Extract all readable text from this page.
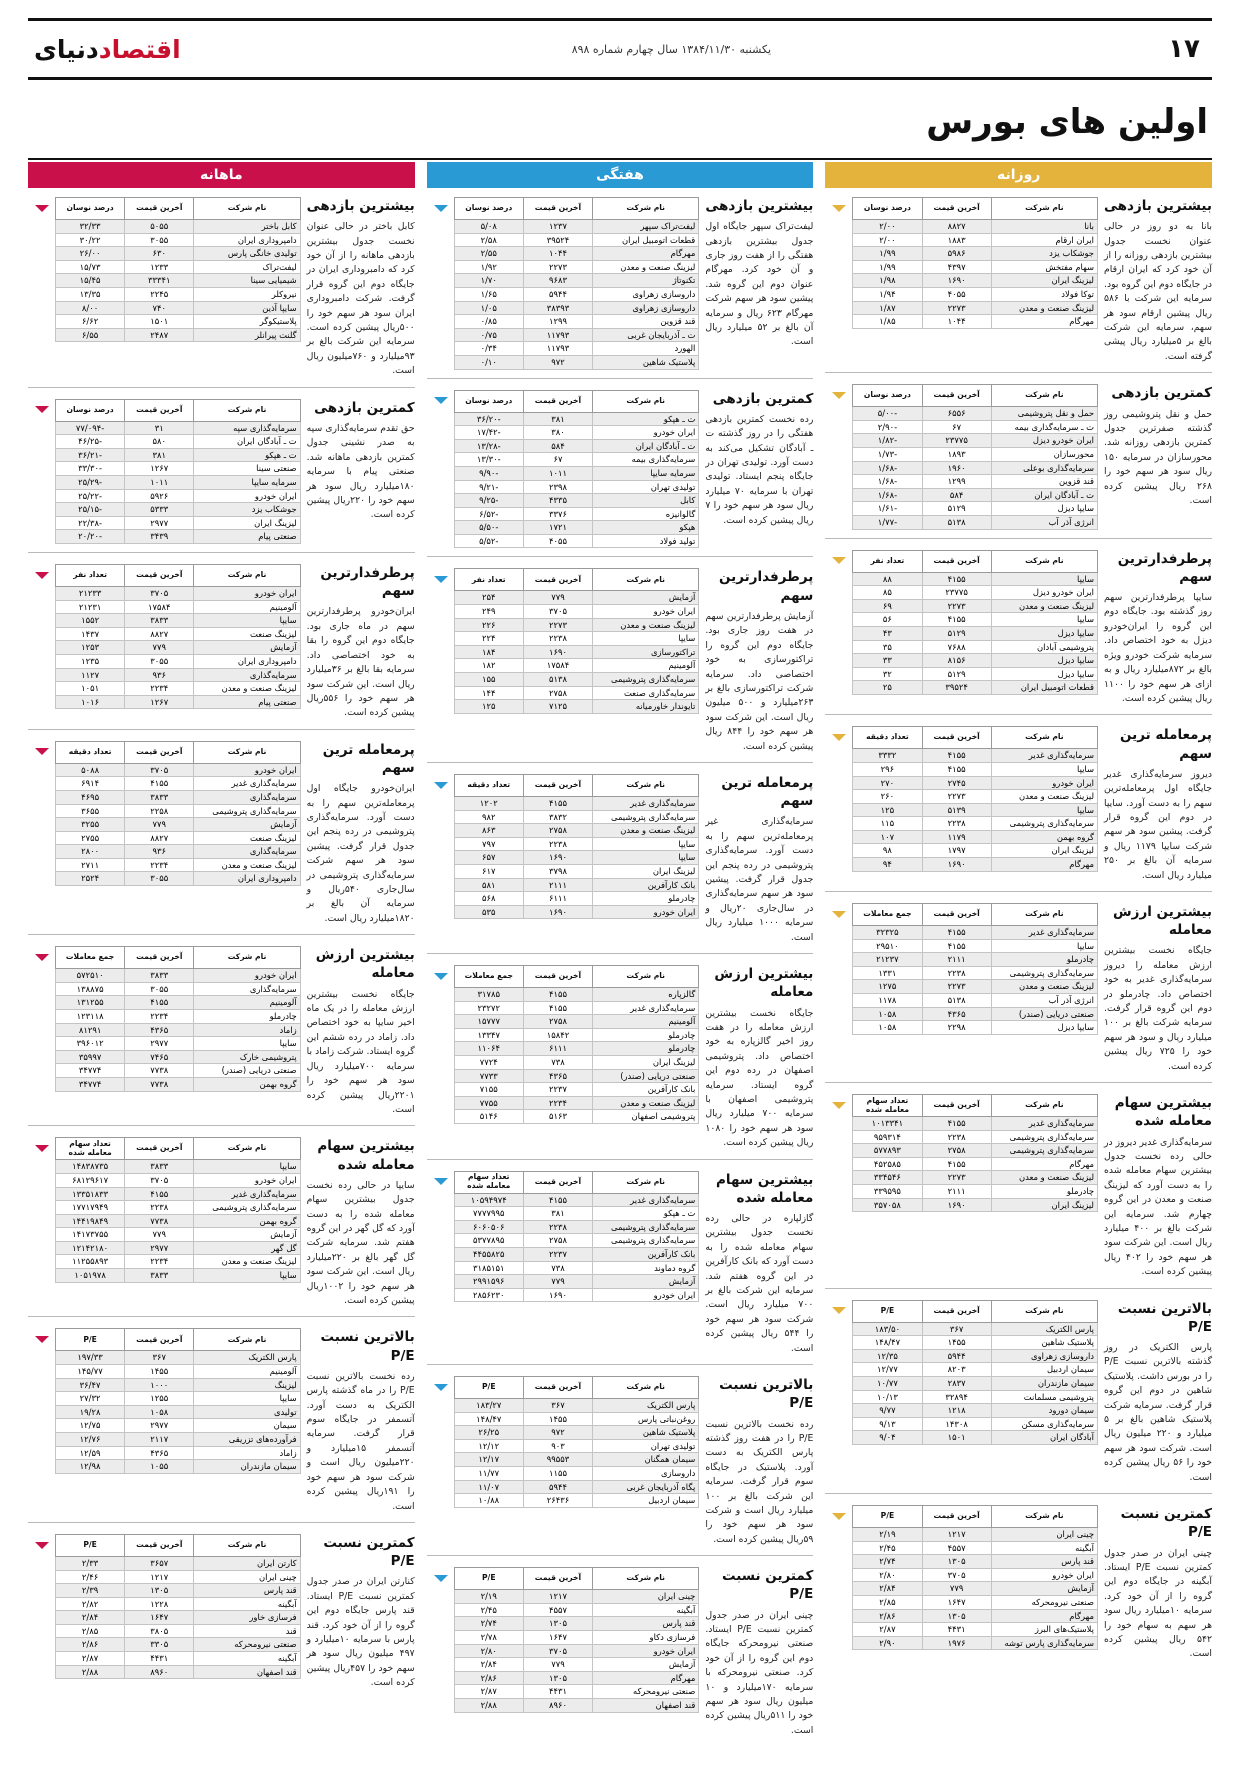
۱۷
یکشنبه ۱۳۸۴/۱۱/۳۰ سال چهارم شماره ۸۹۸
اقتصاددنیای
اولین های بورس
روزانه
بیشترین بازدهی
بانا به دو روز در حالی عنوان نخست جدول بیشترین بازدهی روزانه را از آن خود کرد که ایران ارقام در جایگاه دوم این گروه بود. سرمایه این شرکت با ۵۸۶ ریال پیشین ارقام سود هر سهم، سرمایه این شرکت بالغ بر ۵میلیارد ریال پیشی گرفته است.
نام شرکت	آخرین قیمت	درصد نوسان	
بانا	۸۸۲۷	۲/۰۰	
ایران ارقام	۱۸۸۳	۲/۰۰	
جوشکاب یزد	۵۹۸۶	۱/۹۹	
سهام مفتخش	۴۳۹۷	۱/۹۹	
لیزینگ ایران	۱۶۹۰	۱/۹۸	
توکا فولاد	۴۰۵۵	۱/۹۴	
لیزینگ صنعت و معدن	۲۲۷۳	۱/۸۷	
مهرگام	۱۰۴۴	۱/۸۵	
کمترین بازدهی
حمل و نقل پتروشیمی روز گذشته صفرترین جدول کمترین بازدهی روزانه شد. محورسازان در سرمایه ۱۵۰ ریال سود هر سهم خود را ۲۶۸ ریال پیشین کرده است.
نام شرکت	آخرین قیمت	درصد نوسان	
حمل و نقل پتروشیمی	۶۵۵۶	۵/۰۰-	
ت ـ سرمایه‌گذاری بیمه	۶۷	۲/۹۰-	
ایران خودرو دیزل	۲۳۷۷۵	۱/۸۲-	
محورسازان	۱۸۹۳	۱/۷۳-	
سرمایه‌گذاری بوعلی	۱۹۶۰	۱/۶۸-	
قند قزوین	۱۲۹۹	۱/۶۸-	
ت ـ آبادگان ایران	۵۸۴	۱/۶۸-	
سایپا دیزل	۵۱۲۹	۱/۶۱-	
انرژی آذر آب	۵۱۳۸	۱/۷۷-	
پرطرفدارترین سهم
سایپا پرطرفدارترین سهم روز گذشته بود. جایگاه دوم این گروه را ایران‌خودرو دیزل به خود اختصاص داد. سرمایه شرکت خودرو ویژه بالغ بر ۸۷۲میلیارد ریال و به ازای هر سهم خود را ۱۱۰۰ ریال پیشین کرده است.
نام شرکت	آخرین قیمت	تعداد نفر	
سایپا	۴۱۵۵	۸۸	
ایران خودرو دیزل	۲۳۷۷۵	۸۵	
لیزینگ صنعت و معدن	۲۲۷۳	۶۹	
سایپا	۴۱۵۵	۵۶	
سایپا دیزل	۵۱۲۹	۴۳	
پتروشیمی آبادان	۷۶۸۸	۳۵	
سایپا دیزل	۸۱۵۶	۳۳	
سایپا دیزل	۵۱۲۹	۳۲	
قطعات اتومبیل ایران	۳۹۵۲۴	۲۵	
پرمعامله ترین سهم
دیروز سرمایه‌گذاری غدیر جایگاه اول پرمعامله‌ترین سهم را به دست آورد. سایپا در دوم این گروه قرار گرفت. پیشین سود هر سهم شرکت سایپا ۱۱۷۹ ریال و سرمایه آن بالغ بر ۲۵۰ میلیارد ریال است.
نام شرکت	آخرین قیمت	تعداد دقیقه	
سرمایه‌گذاری غدیر	۴۱۵۵	۳۳۳۲	
سایپا	۴۱۵۵	۲۹۶	
ایران خودرو	۲۷۴۵	۲۷۰	
لیزینگ صنعت و معدن	۲۲۷۳	۲۶۰	
سایپا	۵۱۳۹	۱۲۵	
سرمایه‌گذاری پتروشیمی	۲۲۳۸	۱۱۵	
گروه بهمن	۱۱۷۹	۱۰۷	
لیزینگ ایران	۱۷۹۷	۹۸	
مهرگام	۱۶۹۰	۹۴	
بیشترین ارزش معامله
جایگاه نخست بیشترین ارزش معامله را دیروز سرمایه‌گذاری غدیر به خود اختصاص داد. چادرملو در دوم این گروه قرار گرفت. سرمایه شرکت بالغ بر ۱۰۰ میلیارد ریال و سود هر سهم خود را ۷۲۵ ریال پیشین کرده است.
نام شرکت	آخرین قیمت	جمع معاملات	
سرمایه‌گذاری غدیر	۴۱۵۵	۳۲۳۲۵	
سایپا	۴۱۵۵	۲۹۵۱۰	
چادرملو	۲۱۱۱	۲۱۲۳۷	
سرمایه‌گذاری پتروشیمی	۲۲۳۸	۱۳۳۱	
لیزینگ صنعت و معدن	۲۲۷۳	۱۲۷۵	
انرژی آذر آب	۵۱۳۸	۱۱۷۸	
صنعتی دریایی (صندر)	۴۳۶۵	۱۰۵۸	
سایپا دیزل	۲۲۹۸	۱۰۵۸	
بیشترین سهام معامله شده
سرمایه‌گذاری غدیر دیروز در حالی رده نخست جدول بیشترین سهام معامله شده را به دست آورد که لیزینگ صنعت و معدن در این گروه چهارم شد. سرمایه این شرکت بالغ بر ۴۰۰ میلیارد ریال است. این شرکت سود هر سهم خود را ۴۰۲ ریال پیشین کرده است.
نام شرکت	آخرین قیمت	تعداد سهام معامله شده	
سرمایه‌گذاری غدیر	۴۱۵۵	۱۰۱۳۳۴۱	
سرمایه‌گذاری پتروشیمی	۲۲۳۸	۹۵۹۳۱۴	
سرمایه‌گذاری پتروشیمی	۲۷۵۸	۵۷۷۸۹۳	
مهرگام	۴۱۵۵	۴۵۲۵۸۵	
لیزینگ صنعت و معدن	۲۲۷۳	۳۳۴۵۴۶	
چادرملو	۲۱۱۱	۳۳۹۵۹۵	
لیزینگ ایران	۱۶۹۰	۳۵۷۰۵۸	
بالاترین نسبت P/E
پارس الکتریک در روز گذشته بالاترین نسبت P/E را در بورس داشت. پلاستیک شاهین در دوم این گروه قرار گرفت. سرمایه شرکت پلاستیک شاهین بالغ بر ۵ میلیارد و ۲۲۰ میلیون ریال است. شرکت سود هر سهم خود را ۵۶ ریال پیشین کرده است.
نام شرکت	آخرین قیمت	P/E	
پارس الکتریک	۳۶۷	۱۸۳/۵۰	
پلاستیک شاهین	۱۴۵۵	۱۴۸/۴۷	
داروسازی زهراوی	۵۹۴۴	۱۲/۳۵	
سیمان اردبیل	۸۲۰۳	۱۲/۷۷	
سیمان مازندران	۲۸۳۷	۱۰/۷۷	
پتروشیمی مسلمانت	۳۲۸۹۴	۱۰/۱۳	
سیمان دورود	۱۲۱۸	۹/۷۷	
سرمایه‌گذاری مسکن	۱۴۳۰۸	۹/۱۳	
آبادگان ایران	۱۵۰۱	۹/۰۴	
کمترین نسبت P/E
چینی ایران در صدر جدول کمترین نسبت P/E ایستاد. آبگینه در جایگاه دوم این گروه را از آن خود کرد. سرمایه ۱۰میلیارد ریال سود هر سهم به سهام خود را ۵۴۲ ریال پیشین کرده است.
نام شرکت	آخرین قیمت	P/E	
چینی ایران	۱۲۱۷	۲/۱۹	
آبگینه	۴۵۵۷	۲/۴۵	
قند پارس	۱۳۰۵	۲/۷۴	
ایران خودرو	۳۷۰۵	۲/۸۰	
آزمایش	۷۷۹	۲/۸۴	
صنعتی نیرومحرکه	۱۶۴۷	۲/۸۵	
مهرگام	۱۳۰۵	۲/۸۶	
پلاستیک‌های البرز	۴۴۳۱	۲/۸۷	
سرمایه‌گذاری پارس توشه	۱۹۷۶	۲/۹۰	
هفتگی
بیشترین بازدهی
لیفت‌تراک سپهر جایگاه اول جدول بیشترین بازدهی هفتگی را از هفت روز جاری و آن خود کرد. مهرگام عنوان دوم این گروه شد. پیشین سود هر سهم شرکت مهرگام ۶۲۳ ریال و سرمایه آن بالغ بر ۵۲ میلیارد ریال است.
نام شرکت	آخرین قیمت	درصد نوسان	
لیفت‌تراک سپهر	۱۲۳۷	۵/۰۸	
قطعات اتومبیل ایران	۳۹۵۲۴	۲/۵۸	
مهرگام	۱۰۴۴	۲/۵۵	
لیزینگ صنعت و معدن	۲۲۷۳	۱/۹۲	
تکنوتاژ	۹۶۸۳	۱/۷۰	
داروسازی زهراوی	۵۹۴۴	۱/۶۵	
داروسازی زهراوی	۳۸۳۹۳	۱/۰۵	
قند قزوین	۱۲۹۹	۰/۸۵	
ت ـ آذربایجان غربی	۱۱۷۹۳	۰/۷۵	
الهورد	۱۱۷۹۳	۰/۳۴	
پلاستیک شاهین	۹۷۲	۰/۱۰	
کمترین بازدهی
رده نخست کمترین بازدهی هفتگی را در روز گذشته ت ـ آبادگان تشکیل می‌کند به دست آورد. تولیدی تهران در جایگاه پنجم ایستاد. تولیدی تهران با سرمایه ۷۰ میلیارد ریال سود هر سهم خود را ۷ ریال پیشین کرده است.
نام شرکت	آخرین قیمت	درصد نوسان	
ت ـ هپکو	۳۸۱	۳۶/۲۰-	
ایران خودرو	۳۸۰	۱۷/۴۲-	
ت ـ آبادگان ایران	۵۸۴	۱۳/۲۸-	
سرمایه‌گذاری بیمه	۶۷	۱۳/۳۰-	
سرمایه سایپا	۱۰۱۱	۹/۹۰-	
تولیدی تهران	۲۳۹۸	۹/۲۱-	
کابل	۴۳۳۵	۹/۲۵-	
گالوانیزه	۳۳۷۶	۶/۵۲-	
هپکو	۱۷۲۱	۵/۵۰-	
تولید فولاد	۴۰۵۵	۵/۵۲-	
پرطرفدارترین سهم
آزمایش پرطرفدارترین سهم در هفت روز جاری بود. جایگاه دوم این گروه را تراکتورسازی به خود اختصاصی داد. سرمایه شرکت تراکتورسازی بالغ بر ۲۶۳میلیارد و ۵۰۰ میلیون ریال است. این شرکت سود هر سهم خود را ۸۴۴ ریال پیشین کرده است.
نام شرکت	آخرین قیمت	تعداد نفر	
آزمایش	۷۷۹	۲۵۴	
ایران خودرو	۳۷۰۵	۲۴۹	
لیزینگ صنعت و معدن	۲۲۷۳	۲۲۶	
سایپا	۲۲۳۸	۲۲۴	
تراکتورسازی	۱۶۹۰	۱۸۴	
آلومینیم	۱۷۵۸۴	۱۸۲	
سرمایه‌گذاری پتروشیمی	۵۱۳۸	۱۵۵	
سرمایه‌گذاری صنعت	۲۷۵۸	۱۴۴	
تایوندار خاورمیانه	۷۱۲۵	۱۲۵	
پرمعامله ترین سهم
سرمایه‌گذاری غیر پرمعامله‌ترین سهم را به دست آورد. سرمایه‌گذاری پتروشیمی در رده پنجم این جدول قرار گرفت. پیشین سود هر سهم سرمایه‌گذاری در سال‌جاری ۲۰ریال و سرمایه ۱۰۰۰ میلیارد ریال است.
نام شرکت	آخرین قیمت	تعداد دقیقه	
سرمایه‌گذاری غدیر	۴۱۵۵	۱۲۰۲	
سرمایه‌گذاری پتروشیمی	۳۸۳۲	۹۸۲	
لیزینگ صنعت و معدن	۲۷۵۸	۸۶۳	
سایپا	۲۲۳۸	۷۹۷	
سایپا	۱۶۹۰	۶۵۷	
لیزینگ ایران	۳۷۹۸	۶۱۷	
بانک کارآفرین	۲۱۱۱	۵۸۱	
چادرملو	۶۱۱۱	۵۶۸	
ایران خودرو	۱۶۹۰	۵۳۵	
بیشترین ارزش معامله
جایگاه نخست بیشترین ارزش معامله را در هفت روز اخیر گالزپاره به خود اختصاص داد. پتروشیمی اصفهان در رده دوم این گروه ایستاد. سرمایه پتروشیمی اصفهان با سرمایه ۷۰۰ میلیارد ریال سود هر سهم خود را ۱۰۸۰ ریال پیشین کرده است.
نام شرکت	آخرین قیمت	جمع معاملات	
گالزپاره	۴۱۵۵	۳۱۷۸۵	
سرمایه‌گذاری غدیر	۴۱۵۵	۲۳۲۷۲	
آلومینیم	۲۷۵۸	۱۵۷۷۷	
چادرملو	۱۵۸۴۲	۱۳۳۴۷	
چادرملو	۶۱۱۱	۱۱۰۶۴	
لیزینگ ایران	۷۳۸	۷۷۲۴	
صنعتی دریایی (صندر)	۴۳۶۵	۷۷۳۳	
بانک کارآفرین	۲۲۳۷	۷۱۵۵	
لیزینگ صنعت و معدن	۲۲۳۴	۷۷۵۵	
پتروشیمی اصفهان	۵۱۶۳	۵۱۴۶	
بیشترین سهام معامله شده
گازلپاره در حالی رده نخست جدول بیشترین سهام معامله شده را به دست آورد که بانک کارآفرین در این گروه هفتم شد. سرمایه این شرکت بالغ بر ۷۰۰ میلیارد ریال است. شرکت سود هر سهم خود را ۵۴۴ ریال پیشین کرده است.
نام شرکت	آخرین قیمت	تعداد سهام معامله شده	
سرمایه‌گذاری غدیر	۴۱۵۵	۱۰۵۹۴۹۷۴	
ت ـ هپکو	۳۸۱	۷۷۷۷۹۹۵	
سرمایه‌گذاری پتروشیمی	۲۲۳۸	۶۰۶۰۵۰۶	
سرمایه‌گذاری پتروشیمی	۲۷۵۸	۵۳۷۷۸۹۵	
بانک کارآفرین	۲۲۳۷	۴۴۵۵۸۲۵	
گروه دماوند	۷۳۸	۳۱۸۵۱۵۱	
آزمایش	۷۷۹	۲۹۹۱۵۹۶	
ایران خودرو	۱۶۹۰	۲۸۵۶۲۳۰	
بالاترین نسبت P/E
رده نخست بالاترین نسبت P/E را در هفت روز گذشته پارس الکتریک به دست آورد. پلاستیک در جایگاه سوم قرار گرفت. سرمایه این شرکت بالغ بر ۱۰۰ میلیارد ریال است و شرکت سود هر سهم خود را ۵۹ریال پیشین کرده است.
نام شرکت	آخرین قیمت	P/E	
پارس الکتریک	۳۶۷	۱۸۳/۲۷	
روغن‌نباتی پارس	۱۴۵۵	۱۴۸/۴۷	
پلاستیک شاهین	۹۷۲	۲۶/۲۵	
تولیدی تهران	۹۰۳	۱۲/۱۲	
سیمان همگنان	۹۹۵۵۳	۱۲/۱۷	
داروسازی	۱۱۵۵	۱۱/۷۷	
پگاه آذربایجان غربی	۵۹۴۴	۱۱/۰۷	
سیمان اردبیل	۲۶۴۳۶	۱۰/۸۸	
کمترین نسبت P/E
چینی ایران در صدر جدول کمترین نسبت P/E ایستاد. صنعتی نیرومحرکه جایگاه دوم این گروه را از آن خود کرد. صنعتی نیرومحرکه با سرمایه ۱۷۰میلیارد و ۱۰ میلیون ریال سود هر سهم خود را ۵۱۱ریال پیشین کرده است.
نام شرکت	آخرین قیمت	P/E	
چینی ایران	۱۲۱۷	۲/۱۹	
آبگینه	۴۵۵۷	۲/۴۵	
قند پارس	۱۳۰۵	۲/۷۴	
فرسازی دکاو	۱۶۴۷	۲/۷۸	
ایران خودرو	۳۷۰۵	۲/۸۰	
آزمایش	۷۷۹	۲/۸۴	
مهرگام	۱۳۰۵	۲/۸۶	
صنعتی نیرومحرکه	۴۴۳۱	۲/۸۷	
قند اصفهان	۸۹۶۰	۲/۸۸	
ماهانه
بیشترین بازدهی
کابل باختر در حالی عنوان نخست جدول بیشترین بازدهی ماهانه را از آن خود کرد که دامبروداری ایران در جایگاه دوم این گروه قرار گرفت. شرکت دامبروداری ایران سود هر سهم خود را ۵۰۰ریال پیشین کرده است. سرمایه این شرکت بالغ بر ۹۳میلیارد و ۷۶۰میلیون ریال است.
نام شرکت	آخرین قیمت	درصد نوسان	
کابل باختر	۵۰۵۵	۳۲/۳۳	
دامپروداری ایران	۳۰۵۵	۳۰/۲۲	
تولیدی خانگی پارس	۶۳۰	۲۶/۰۰	
لیفت‌تراک	۱۲۳۳	۱۵/۷۳	
شیمیایی سینا	۳۳۳۴۱	۱۵/۴۵	
نیروکلر	۲۲۴۵	۱۳/۳۵	
سایپا آذین	۷۴۰	۸/۰۰	
پلاستیکوگر	۱۵۰۱	۶/۶۲	
گلنت پیرانلر	۲۴۸۷	۶/۵۵	
کمترین بازدهی
حق تقدم سرمایه‌گذاری سپه به صدر نشینی جدول کمترین بازدهی ماهانه شد. صنعتی پیام با سرمایه ۱۸۰میلیارد ریال سود هر سهم خود را ۲۲۰ریال پیشین کرده است.
نام شرکت	آخرین قیمت	درصد نوسان	
سرمایه‌گذاری سپه	۳۱	۷۷/۰۹۴-	
ت ـ آبادگان ایران	۵۸۰	۴۶/۲۵-	
ت ـ هپکو	۳۸۱	۳۶/۲۱-	
صنعتی سینا	۱۲۶۷	۳۳/۳۰-	
سرمایه سایپا	۱۰۱۱	۲۵/۲۹-	
ایران خودرو	۵۹۲۶	۲۵/۲۲-	
جوشکاب یزد	۵۳۳۳	۲۵/۱۵-	
لیزینگ ایران	۲۹۷۷	۲۲/۳۸-	
صنعتی پیام	۳۴۳۹	۲۰/۲۰-	
پرطرفدارترین سهم
ایران‌خودرو پرطرفدارترین سهم در ماه جاری بود. جایگاه دوم این گروه را بقا به خود اختصاصی داد. سرمایه بقا بالغ بر ۳۶میلیارد ریال است. این شرکت سود هر سهم خود را ۵۵۶ریال پیشین کرده است.
نام شرکت	آخرین قیمت	تعداد نفر	
ایران خودرو	۳۷۰۵	۲۱۲۳۳	
آلومینیم	۱۷۵۸۴	۲۱۲۳۱	
سایپا	۳۸۳۳	۱۵۵۲	
لیزینگ صنعت	۸۸۲۷	۱۴۳۷	
آزمایش	۷۷۹	۱۲۵۳	
دامپروداری ایران	۳۰۵۵	۱۲۳۵	
سرمایه‌گذاری	۹۳۶	۱۱۲۷	
لیزینگ صنعت و معدن	۲۲۳۴	۱۰۵۱	
صنعتی پیام	۱۲۶۷	۱۰۱۶	
پرمعامله ترین سهم
ایران‌خودرو جایگاه اول پرمعامله‌ترین سهم را به دست آورد. سرمایه‌گذاری پتروشیمی در رده پنجم این جدول قرار گرفت. پیشین سود هر سهم شرکت سرمایه‌گذاری پتروشیمی در سال‌جاری ۵۴۰ریال و سرمایه آن بالغ بر ۱۸۲۰میلیارد ریال است.
نام شرکت	آخرین قیمت	تعداد دقیقه	
ایران خودرو	۳۷۰۵	۵۰۸۸	
سرمایه‌گذاری غدیر	۴۱۵۵	۶۹۱۴	
سرمایه‌گذاری	۳۸۳۳	۴۶۹۵	
سرمایه‌گذاری پتروشیمی	۲۲۵۸	۳۶۵۵	
آزمایش	۷۷۹	۳۲۵۵	
لیزینگ صنعت	۸۸۲۷	۲۷۵۵	
سرمایه‌گذاری	۹۳۶	۲۸۰۰	
لیزینگ صنعت و معدن	۲۲۳۴	۲۷۱۱	
دامپروداری ایران	۳۰۵۵	۲۵۲۴	
بیشترین ارزش معامله
جایگاه نخست بیشترین ارزش معامله را در یک ماه اخیر سایپا به خود اختصاص داد. زاماد در رده ششم این گروه ایستاد. شرکت زاماد با سرمایه ۷۰۰میلیارد ریال سود هر سهم خود را ۲۲۰۱ریال پیشین کرده است.
نام شرکت	آخرین قیمت	جمع معاملات	
ایران خودرو	۳۸۳۳	۵۷۲۵۱۰	
سرمایه‌گذاری	۳۰۵۵	۱۳۸۸۷۵	
آلومینیم	۴۱۵۵	۱۳۱۲۵۵	
چادرملو	۲۲۳۴	۱۲۳۱۱۸	
زاماد	۴۳۶۵	۸۱۲۹۱	
سایپا	۲۹۷۷	۳۹۶۰۱۲	
پتروشیمی خارک	۷۴۶۵	۳۵۹۹۷	
صنعتی دریایی (صندر)	۷۷۳۸	۳۴۷۷۴	
گروه بهمن	۷۷۳۸	۳۴۷۷۴	
بیشترین سهام معامله شده
سایپا در حالی رده نخست جدول بیشترین سهام معامله شده را به دست آورد که گل گهر در این گروه هفتم شد. سرمایه شرکت گل گهر بالغ بر ۲۲۰میلیارد ریال است. این شرکت سود هر سهم خود را ۱۰۰۲ریال پیشین کرده است.
نام شرکت	آخرین قیمت	تعداد سهام معامله شده	
سایپا	۳۸۳۳	۱۴۸۳۸۷۳۵	
ایران خودرو	۳۷۰۵	۶۸۱۲۹۶۱۷	
سرمایه‌گذاری غدیر	۴۱۵۵	۱۳۳۵۱۸۳۳	
سرمایه‌گذاری پتروشیمی	۲۲۳۸	۱۷۷۱۷۹۴۹	
گروه بهمن	۷۷۳۸	۱۴۴۱۹۸۴۹	
آزمایش	۷۷۹	۱۴۱۷۳۷۵۵	
گل گهر	۲۹۷۷	۱۲۱۴۲۱۸۰	
لیزینگ صنعت و معدن	۲۲۳۴	۱۱۲۵۵۸۹۳	
سایپا	۳۸۳۳	۱۰۵۱۹۷۸	
بالاترین نسبت P/E
رده نخست بالاترین نسبت P/E را در ماه گذشته پارس الکتریک به دست آورد. آتسمفر در جایگاه سوم قرار گرفت. سرمایه آتسمفر ۱۵میلیارد و ۲۲۰میلیون ریال است و شرکت سود هر سهم خود را ۱۹۱ریال پیشین کرده است.
نام شرکت	آخرین قیمت	P/E	
پارس الکتریک	۳۶۷	۱۹۷/۳۳	
آلومینیم	۱۴۵۵	۱۴۵/۷۷	
لیزینگ	۱۰۰۰	۳۶/۴۷	
سایپا	۱۲۵۵	۲۷/۳۲	
تولیدی	۱۰۵۸	۱۹/۲۸	
سیمان	۲۹۷۷	۱۲/۷۵	
فرآورده‌های تزریقی	۲۱۱۷	۱۲/۷۶	
زاماد	۴۳۶۵	۱۲/۵۹	
سیمان مازندران	۱۰۵۵	۱۲/۹۸	
کمترین نسبت P/E
کنارتن ایران در صدر جدول کمترین نسبت P/E ایستاد. قند پارس جایگاه دوم این گروه را از آن خود کرد. قند پارس با سرمایه ۱۰میلیارد و ۴۹۷ میلیون ریال سود هر سهم خود را ۴۵۷ریال پیشین کرده است.
نام شرکت	آخرین قیمت	P/E	
کارتن ایران	۳۶۵۷	۲/۳۳	
چینی ایران	۱۲۱۷	۲/۴۶	
قند پارس	۱۳۰۵	۲/۳۹	
آبگینه	۱۲۲۸	۲/۸۲	
فرسازی خاور	۱۶۴۷	۲/۸۴	
قند	۳۸۰۵	۲/۸۵	
صنعتی نیرومحرکه	۳۳۰۵	۲/۸۶	
آبگینه	۴۴۳۱	۲/۸۷	
قند اصفهان	۸۹۶۰	۲/۸۸	
